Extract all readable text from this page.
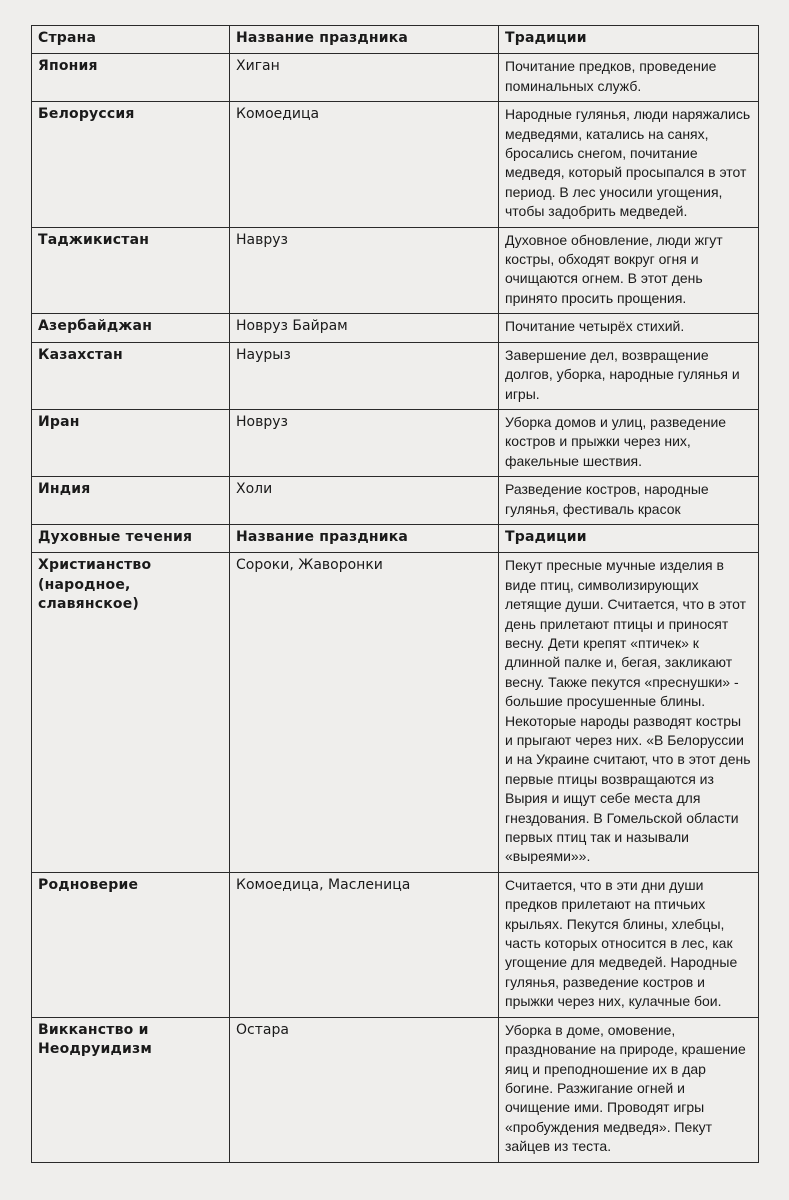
Страна	Название праздника	Традиции
Япония	Хиган	Почитание предков, проведение поминальных служб.
Белоруссия	Комоедица	Народные гулянья, люди наряжались медведями, катались на санях, бросались снегом, почитание медведя, который просыпался в этот период. В лес уносили угощения, чтобы задобрить медведей.
Таджикистан	Навруз	Духовное обновление, люди жгут костры, обходят вокруг огня и очищаются огнем. В этот день принято просить прощения.
Азербайджан	Новруз Байрам	Почитание четырёх стихий.
Казахстан	Наурыз	Завершение дел, возвращение долгов, уборка, народные гулянья и игры.
Иран	Новруз	Уборка домов и улиц, разведение костров и прыжки через них, факельные шествия.
Индия	Холи	Разведение костров, народные гулянья, фестиваль красок
Духовные течения	Название праздника	Традиции
Христианство (народное, славянское)	Сороки, Жаворонки	Пекут пресные мучные изделия в виде птиц, символизирующих летящие души. Считается, что в этот день прилетают птицы и приносят весну. Дети крепят «птичек» к длинной палке и, бегая, закликают весну. Также пекутся «преснушки» - большие просушенные блины. Некоторые народы разводят костры и прыгают через них. «В Белоруссии и на Украине считают, что в этот день первые птицы возвращаются из Вырия и ищут себе места для гнездования. В Гомельской области первых птиц так и называли «выреями»».
Родноверие	Комоедица, Масленица	Считается, что в эти дни души предков прилетают на птичьих крыльях. Пекутся блины, хлебцы, часть которых относится в лес, как угощение для медведей. Народные гулянья, разведение костров и прыжки через них, кулачные бои.
Викканство и Неодруидизм	Остара	Уборка в доме, омовение, празднование на природе, крашение яиц и преподношение их в дар богине. Разжигание огней и очищение ими. Проводят игры «пробуждения медведя». Пекут зайцев из теста.
